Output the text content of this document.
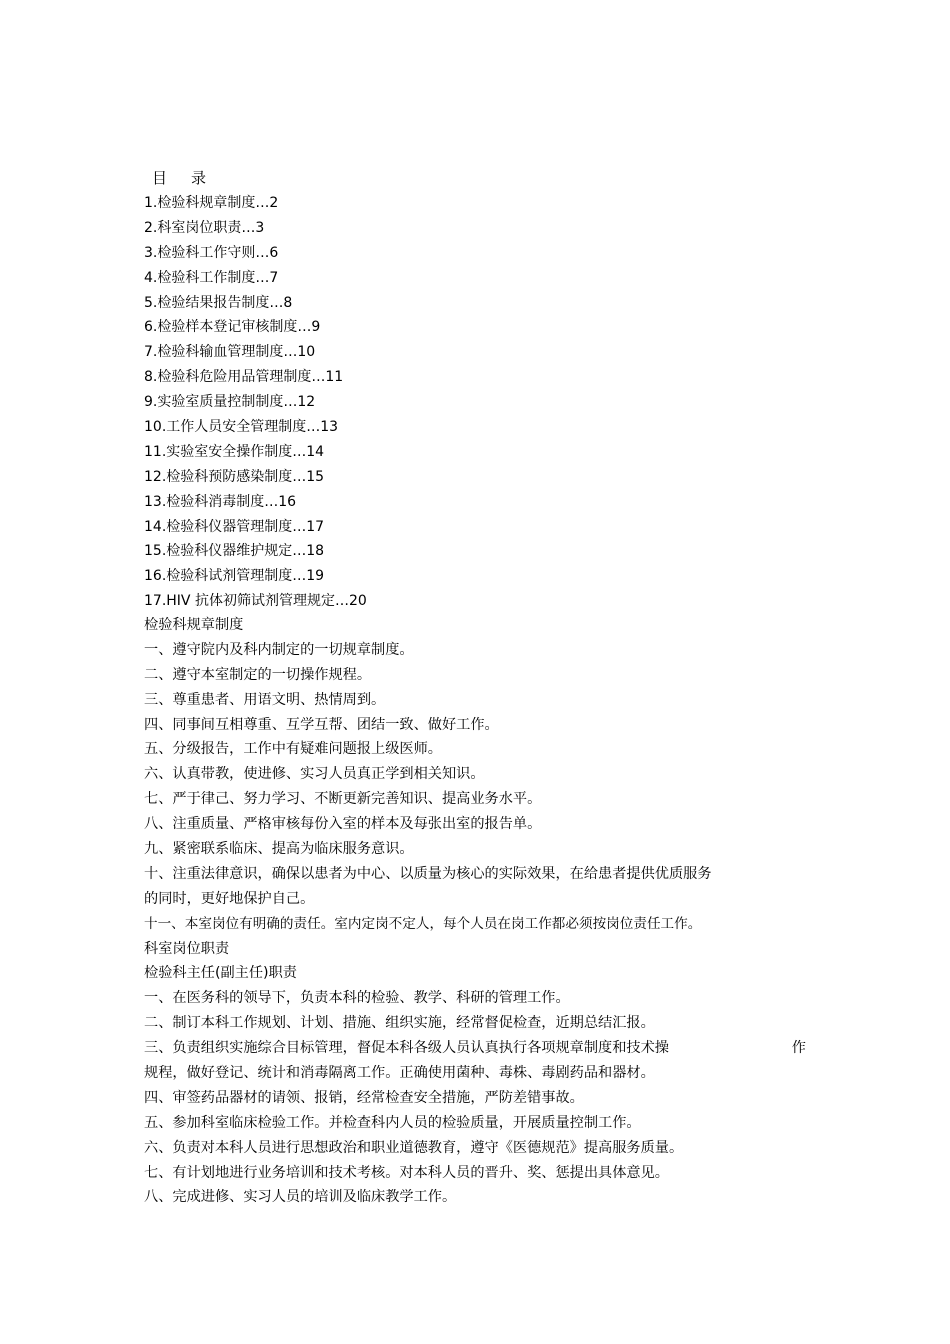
目 录
1.检验科规章制度…2
2.科室岗位职责…3
3.检验科工作守则…6
4.检验科工作制度…7
5.检验结果报告制度…8
6.检验样本登记审核制度…9
7.检验科输血管理制度…10
8.检验科危险用品管理制度…11
9.实验室质量控制制度…12
10.工作人员安全管理制度…13
11.实验室安全操作制度…14
12.检验科预防感染制度…15
13.检验科消毒制度…16
14.检验科仪器管理制度…17
15.检验科仪器维护规定…18
16.检验科试剂管理制度…19
17.HIV 抗体初筛试剂管理规定…20
检验科规章制度
一、遵守院内及科内制定的一切规章制度。
二、遵守本室制定的一切操作规程。
三、尊重患者、用语文明、热情周到。
四、同事间互相尊重、互学互帮、团结一致、做好工作。
五、分级报告，工作中有疑难问题报上级医师。
六、认真带教，使进修、实习人员真正学到相关知识。
七、严于律己、努力学习、不断更新完善知识、提高业务水平。
八、注重质量、严格审核每份入室的样本及每张出室的报告单。
九、紧密联系临床、提高为临床服务意识。
十、注重法律意识，确保以患者为中心、以质量为核心的实际效果，在给患者提供优质服务
的同时，更好地保护自己。
十一、本室岗位有明确的责任。室内定岗不定人，每个人员在岗工作都必须按岗位责任工作。
科室岗位职责
检验科主任(副主任)职责
一、在医务科的领导下，负责本科的检验、教学、科研的管理工作。
二、制订本科工作规划、计划、措施、组织实施，经常督促检查，近期总结汇报。
三、负责组织实施综合目标管理，督促本科各级人员认真执行各项规章制度和技术操	作
规程，做好登记、统计和消毒隔离工作。正确使用菌种、毒株、毒剧药品和器材。
四、审签药品器材的请领、报销，经常检查安全措施，严防差错事故。
五、参加科室临床检验工作。并检查科内人员的检验质量，开展质量控制工作。
六、负责对本科人员进行思想政治和职业道德教育，遵守《医德规范》提高服务质量。
七、有计划地进行业务培训和技术考核。对本科人员的晋升、奖、惩提出具体意见。
八、完成进修、实习人员的培训及临床教学工作。
